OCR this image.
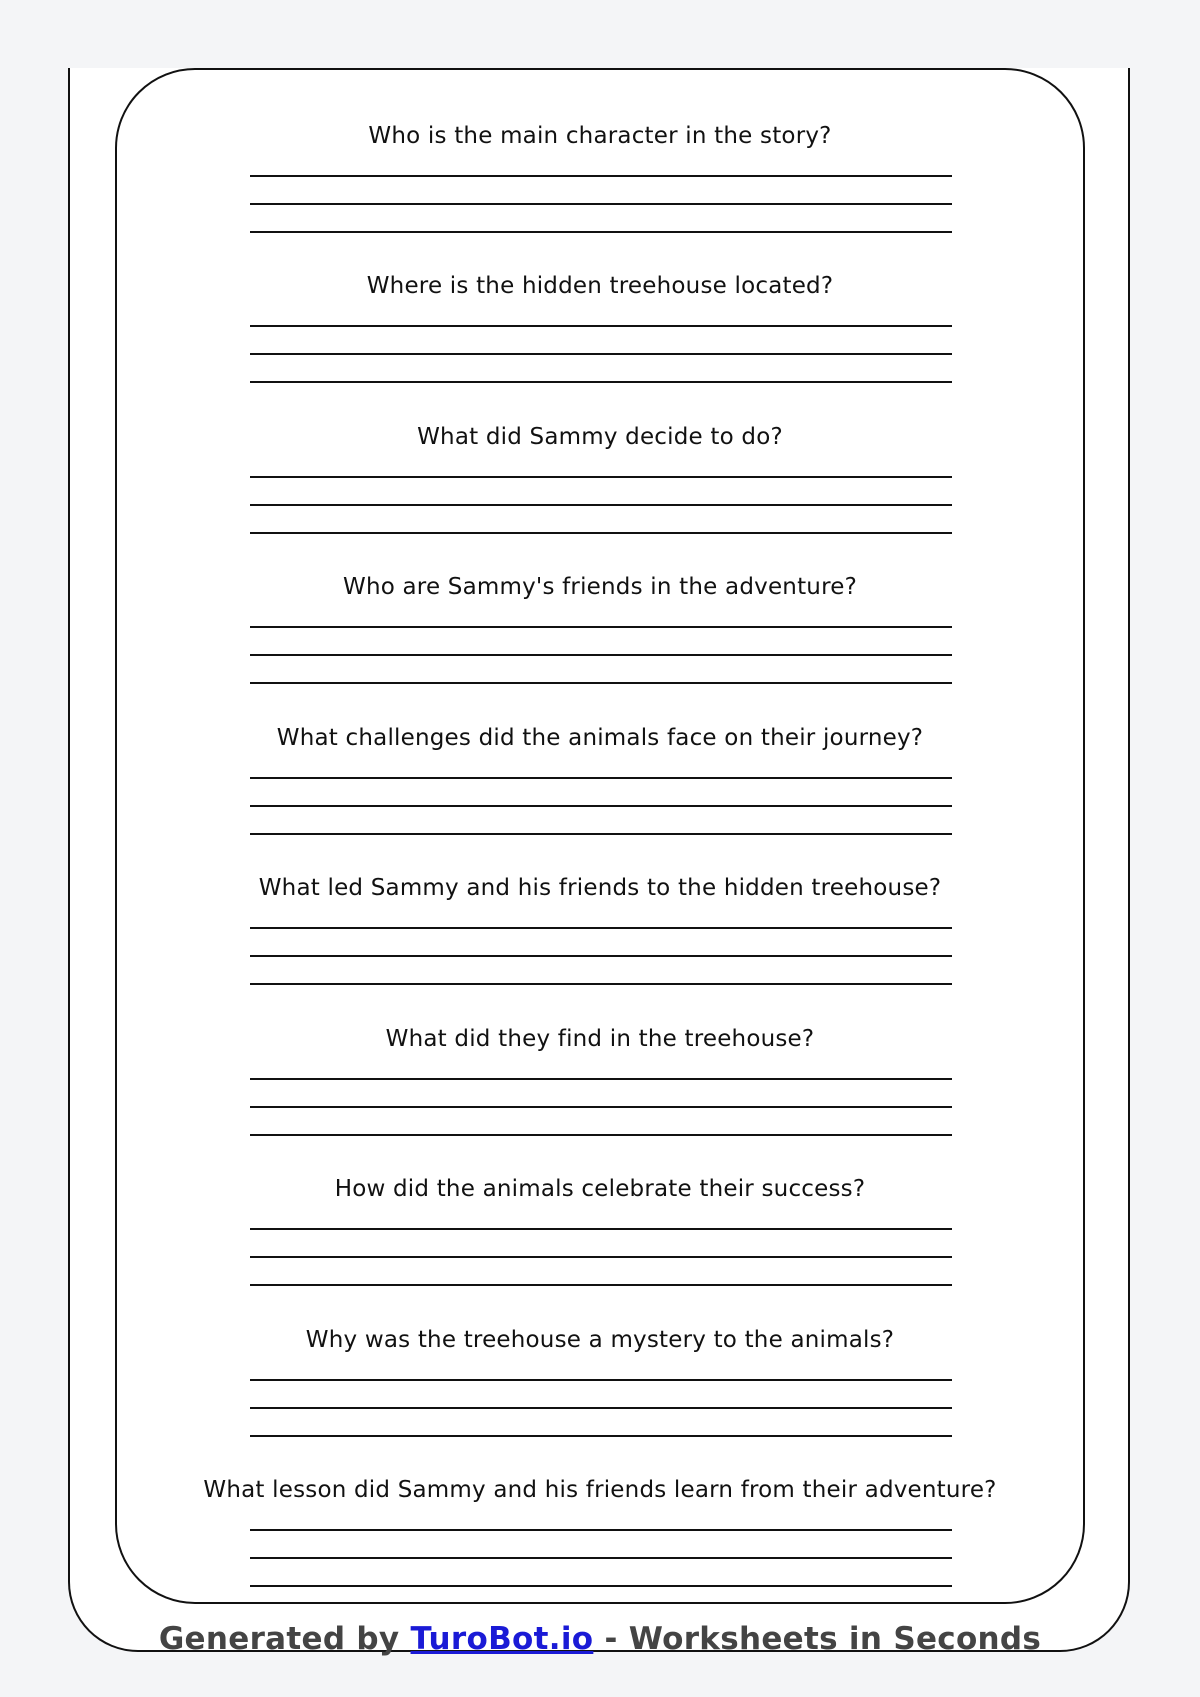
Who is the main character in the story?
Where is the hidden treehouse located?
What did Sammy decide to do?
Who are Sammy's friends in the adventure?
What challenges did the animals face on their journey?
What led Sammy and his friends to the hidden treehouse?
What did they find in the treehouse?
How did the animals celebrate their success?
Why was the treehouse a mystery to the animals?
What lesson did Sammy and his friends learn from their adventure?
Generated by TuroBot.io - Worksheets in Seconds
